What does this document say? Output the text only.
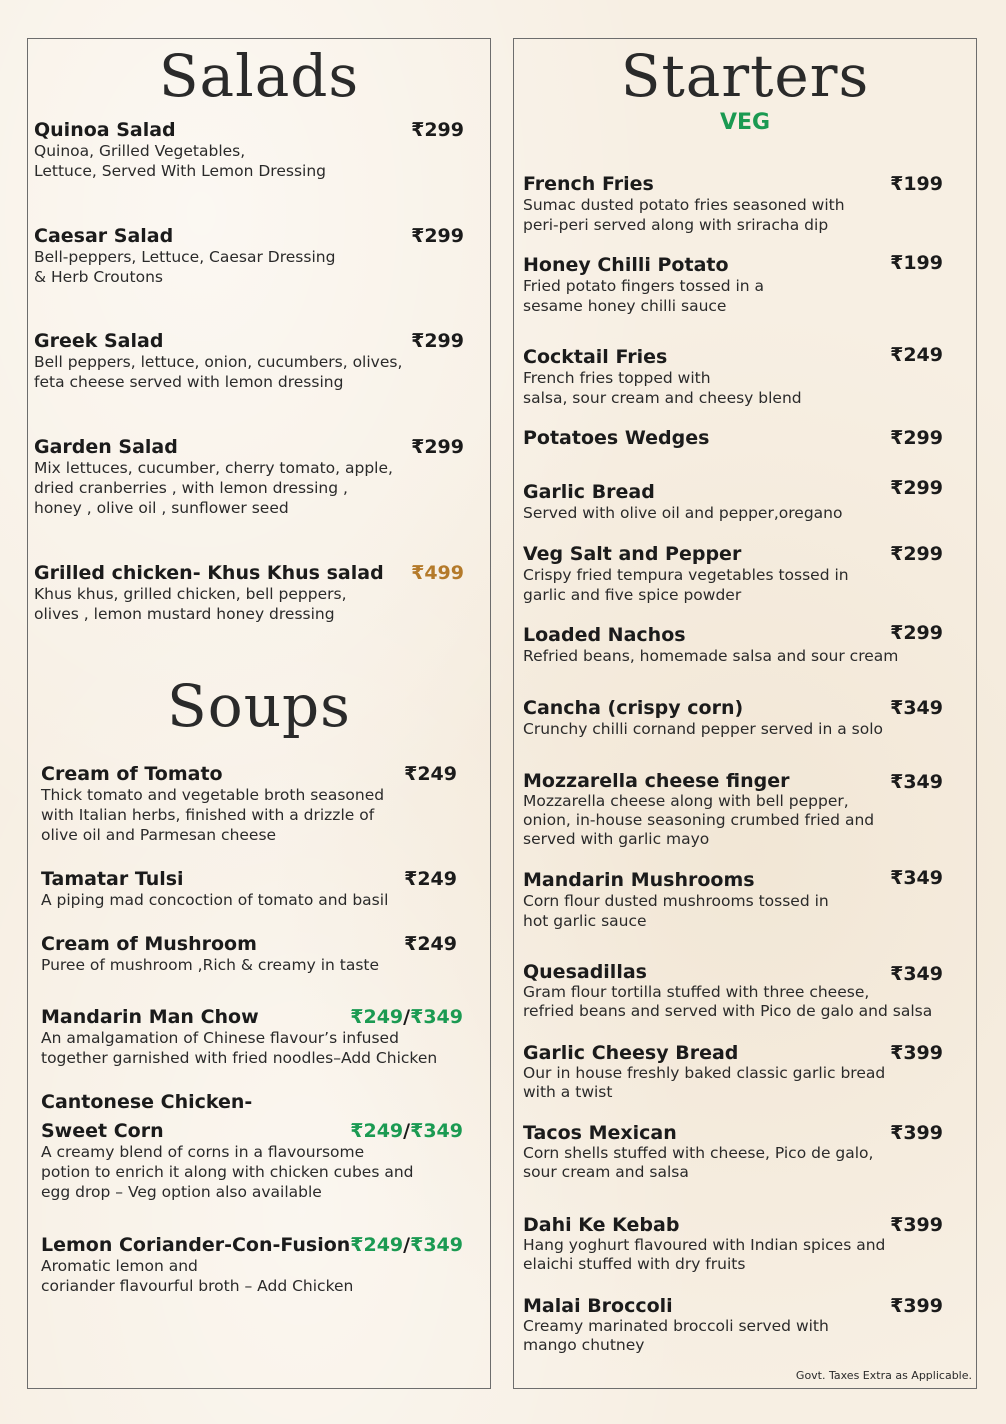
Salads
Quinoa Salad
Quinoa, Grilled Vegetables,
Lettuce, Served With Lemon Dressing
₹299
Caesar Salad
Bell-peppers, Lettuce, Caesar Dressing
& Herb Croutons
₹299
Greek Salad
Bell peppers, lettuce, onion, cucumbers, olives,
feta cheese served with lemon dressing
₹299
Garden Salad
Mix lettuces, cucumber, cherry tomato, apple,
dried cranberries , with lemon dressing ,
honey , olive oil , sunflower seed
₹299
Grilled chicken- Khus Khus salad
Khus khus, grilled chicken, bell peppers,
olives , lemon mustard honey dressing
₹499
Soups
Cream of Tomato
Thick tomato and vegetable broth seasoned
with Italian herbs, finished with a drizzle of
olive oil and Parmesan cheese
₹249
Tamatar Tulsi
A piping mad concoction of tomato and basil
₹249
Cream of Mushroom
Puree of mushroom ,Rich & creamy in taste
₹249
Mandarin Man Chow
An amalgamation of Chinese flavour’s infused
together garnished with fried noodles–Add Chicken
₹249/₹349
Cantonese Chicken-
Sweet Corn
A creamy blend of corns in a flavoursome
potion to enrich it along with chicken cubes and
egg drop – Veg option also available
₹249/₹349
Lemon Coriander-Con-Fusion
Aromatic lemon and
coriander flavourful broth – Add Chicken
₹249/₹349
Starters
VEG
French Fries
Sumac dusted potato fries seasoned with
peri-peri served along with sriracha dip
₹199
Honey Chilli Potato
Fried potato fingers tossed in a
sesame honey chilli sauce
₹199
Cocktail Fries
French fries topped with
salsa, sour cream and cheesy blend
₹249
Potatoes Wedges	₹299
Garlic Bread
Served with olive oil and pepper,oregano
₹299
Veg Salt and Pepper
Crispy fried tempura vegetables tossed in
garlic and five spice powder
₹299
Loaded Nachos
Refried beans, homemade salsa and sour cream
₹299
Cancha (crispy corn)
Crunchy chilli cornand pepper served in a solo
₹349
Mozzarella cheese finger
Mozzarella cheese along with bell pepper,
onion, in-house seasoning crumbed fried and
served with garlic mayo
₹349
Mandarin Mushrooms
Corn flour dusted mushrooms tossed in
hot garlic sauce
₹349
Quesadillas
Gram flour tortilla stuffed with three cheese,
refried beans and served with Pico de galo and salsa
₹349
Garlic Cheesy Bread
Our in house freshly baked classic garlic bread
with a twist
₹399
Tacos Mexican
Corn shells stuffed with cheese, Pico de galo,
sour cream and salsa
₹399
Dahi Ke Kebab
Hang yoghurt flavoured with Indian spices and
elaichi stuffed with dry fruits
₹399
Malai Broccoli
Creamy marinated broccoli served with
mango chutney
₹399
Govt. Taxes Extra as Applicable.
